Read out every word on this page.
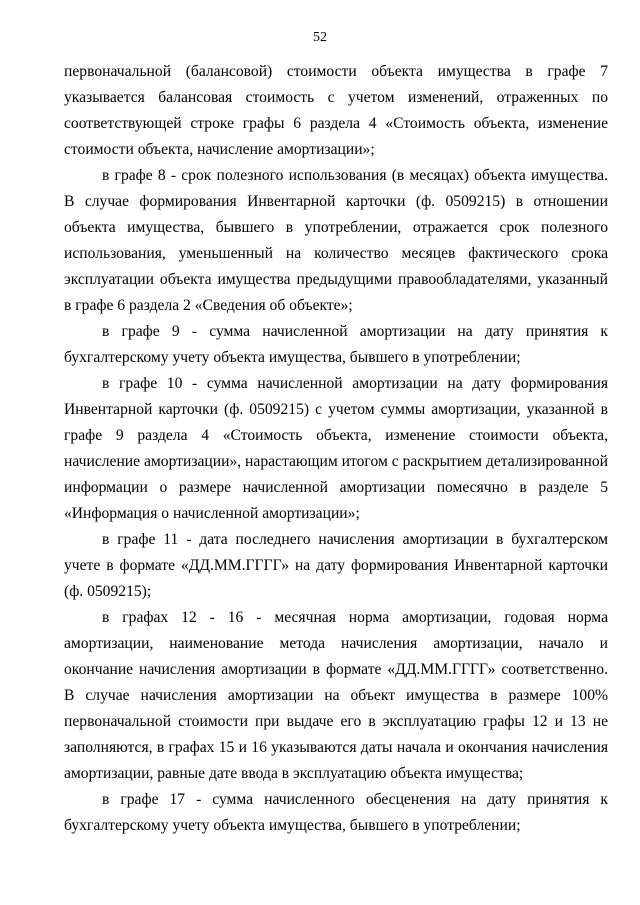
52

первоначальной (балансовой) стоимости объекта имущества в графе 7 указывается балансовая стоимость с учетом изменений, отраженных по соответствующей строке графы 6 раздела 4 «Стоимость объекта, изменение стоимости объекта, начисление амортизации»;

в графе 8 - срок полезного использования (в месяцах) объекта имущества. В случае формирования Инвентарной карточки (ф. 0509215) в отношении объекта имущества, бывшего в употреблении, отражается срок полезного использования, уменьшенный на количество месяцев фактического срока эксплуатации объекта имущества предыдущими правообладателями, указанный в графе 6 раздела 2 «Сведения об объекте»;

в графе 9 - сумма начисленной амортизации на дату принятия к бухгалтерскому учету объекта имущества, бывшего в употреблении;

в графе 10 - сумма начисленной амортизации на дату формирования Инвентарной карточки (ф. 0509215) с учетом суммы амортизации, указанной в графе 9 раздела 4 «Стоимость объекта, изменение стоимости объекта, начисление амортизации», нарастающим итогом с раскрытием детализированной информации о размере начисленной амортизации помесячно в разделе 5 «Информация о начисленной амортизации»;

в графе 11 - дата последнего начисления амортизации в бухгалтерском учете в формате «ДД.ММ.ГГГГ» на дату формирования Инвентарной карточки (ф. 0509215);

в графах 12 - 16 - месячная норма амортизации, годовая норма амортизации, наименование метода начисления амортизации, начало и окончание начисления амортизации в формате «ДД.ММ.ГГГГ» соответственно. В случае начисления амортизации на объект имущества в размере 100% первоначальной стоимости при выдаче его в эксплуатацию графы 12 и 13 не заполняются, в графах 15 и 16 указываются даты начала и окончания начисления амортизации, равные дате ввода в эксплуатацию объекта имущества;

в графе 17 - сумма начисленного обесценения на дату принятия к бухгалтерскому учету объекта имущества, бывшего в употреблении;
